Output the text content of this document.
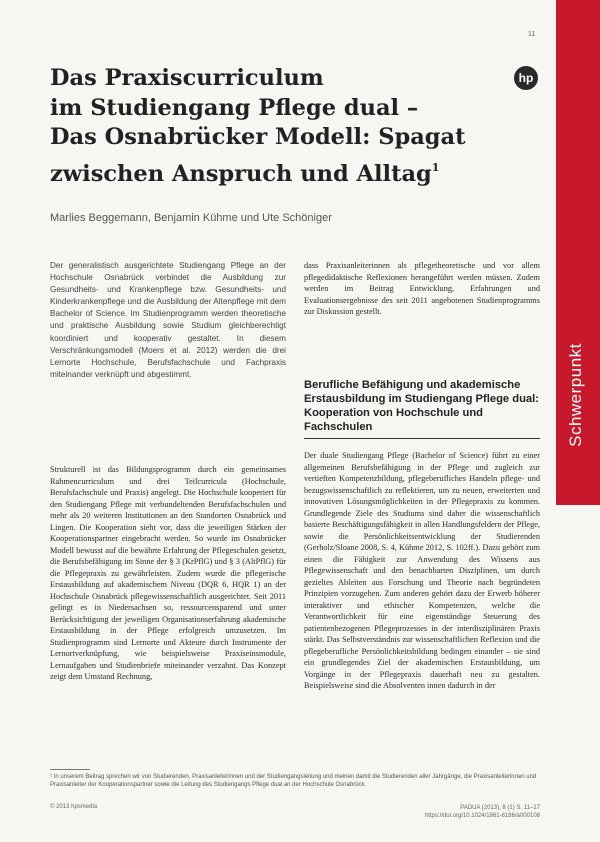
11
Schwerpunkt
Das Praxiscurriculum
im Studiengang Pflege dual –
Das Osnabrücker Modell: Spagat
zwischen Anspruch und Alltag$^1$
hp
Marlies Beggemann, Benjamin Kühme und Ute Schöniger

Der generalistisch ausgerichtete Studiengang Pflege an der Hochschule Osnabrück verbindet die Ausbildung zur Gesundheits- und Krankenpflege bzw. Gesundheits- und Kinderkrankenpflege und die Ausbildung der Altenpflege mit dem Bachelor of Science. Im Studienprogramm werden theoretische und praktische Ausbildung sowie Studium gleichberechtigt koordiniert und kooperativ gestaltet. In diesem Verschränkungsmodell (Moers et al. 2012) werden die drei Lernorte Hochschule, Berufsfachschule und Fachpraxis miteinander verknüpft und abgestimmt.

Strukturell ist das Bildungsprogramm durch ein gemeinsames Rahmencurriculum und drei Teilcurricula (Hochschule, Berufsfachschule und Praxis) angelegt. Die Hochschule kooperiert für den Studiengang Pflege mit verbundeltenden Berufsfachschulen und mehr als 20 weiteren Institutionen an den Standorten Osnabrück und Lingen. Die Kooperation sieht vor, dass die jeweiligen Stärken der Kooperationspartner eingebracht werden. So wurde im Osnabrücker Modell bewusst auf die bewährte Erfahrung der Pflegeschulen gesetzt, die Berufsbefähigung im Sinne der § 3 (KrPflG) und § 3 (AltPflG) für die Pflegepraxis zu gewährleisten. Zudem wurde die pflegerische Erstausbildung auf akademischem Niveau (DQR 6, HQR 1) an der Hochschule Osnabrück pflegewissenschaftlich ausgerichtet. Seit 2011 gelingt es in Niedersachsen so, ressourcensparend und unter Berücksichtigung der jeweiligen Organisationserfahrung akademische Erstausbildung in der Pflege erfolgreich umzusetzen. Im Studienprogramm sind Lernorte und Akteure durch Instrumente der Lernortverknüpfung, wie beispielsweise Praxiseinsmodule, Lernaufgaben und Studienbriefe miteinander verzahnt. Das Konzept zeigt dem Umstand Rechnung,

dass Praxisanleiterinnen als pflegetheoretische und vor allem pflegedidaktische Reflexionen herangeführt werden müssen. Zudem werden im Beitrag Entwicklung, Erfahrungen und Evaluationsergebnisse des seit 2011 angebotenen Studienprogramms zur Diskussion gestellt.

Berufliche Befähigung und akademische Erstausbildung im Studiengang Pflege dual: Kooperation von Hochschule und Fachschulen

Der duale Studiengang Pflege (Bachelor of Science) führt zu einer allgemeinen Berufsbefähigung in der Pflege und zugleich zur vertieften Kompetenzbildung, pflegeberufliches Handeln pflege- und bezugswissenschaftlich zu reflektieren, um zu neuen, erweiterten und innovativen Lösungsmöglichkeiten in der Pflegepraxis zu kommen. Grundlegende Ziele des Studiums sind daher die wissenschaftlich basierte Beschäftigungsfähigkeit in allen Handlungsfeldern der Pflege, sowie die Persönlichkeitsentwicklung der Studierenden (Gerholz/Sloane 2008, S. 4, Kühme 2012, S. 102ff.). Dazu gehört zum einen die Fähigkeit zur Anwendung des Wissens aus Pflegewissenschaft und den benachbarten Disziplinen, um durch gezieltes Ableiten aus Forschung und Theorie nach begründeten Prinzipien vorzugehen. Zum anderen gehört dazu der Erwerb höherer interaktiver und ethischer Kompetenzen, welche die Verantwortlichkeit für eine eigenständige Steuerung des patientenbezogenen Pflegeprozesses in der interdisziplinären Praxis stärkt. Das Selbstverständnis zur wissenschaftlichen Reflexion und die pflegeberufliche Persönlichkeitsbildung bedingen einander – sie sind ein grundlegendes Ziel der akademischen Erstausbildung, um Vorgänge in der Pflegepraxis dauerhaft neu zu gestalten. Beispielsweise sind die Absolventen innen dadurch in der

¹ In unserem Beitrag sprechen wir von Studierenden, Praxisanleiterinnen und der Studiengangsleitung und meinen damit die Studierenden aller Jahrgänge, die Praxisanleiterinnen und Praxisanleiter der Kooperationspartner sowie die Leitung des Studiengangs Pflege dual an der Hochschule Osnabrück.

© 2013 hpsmedia	PADUA (2013), 8 (1) S. 11–17
https://doi.org/10.1024/1861-6186/a000108
